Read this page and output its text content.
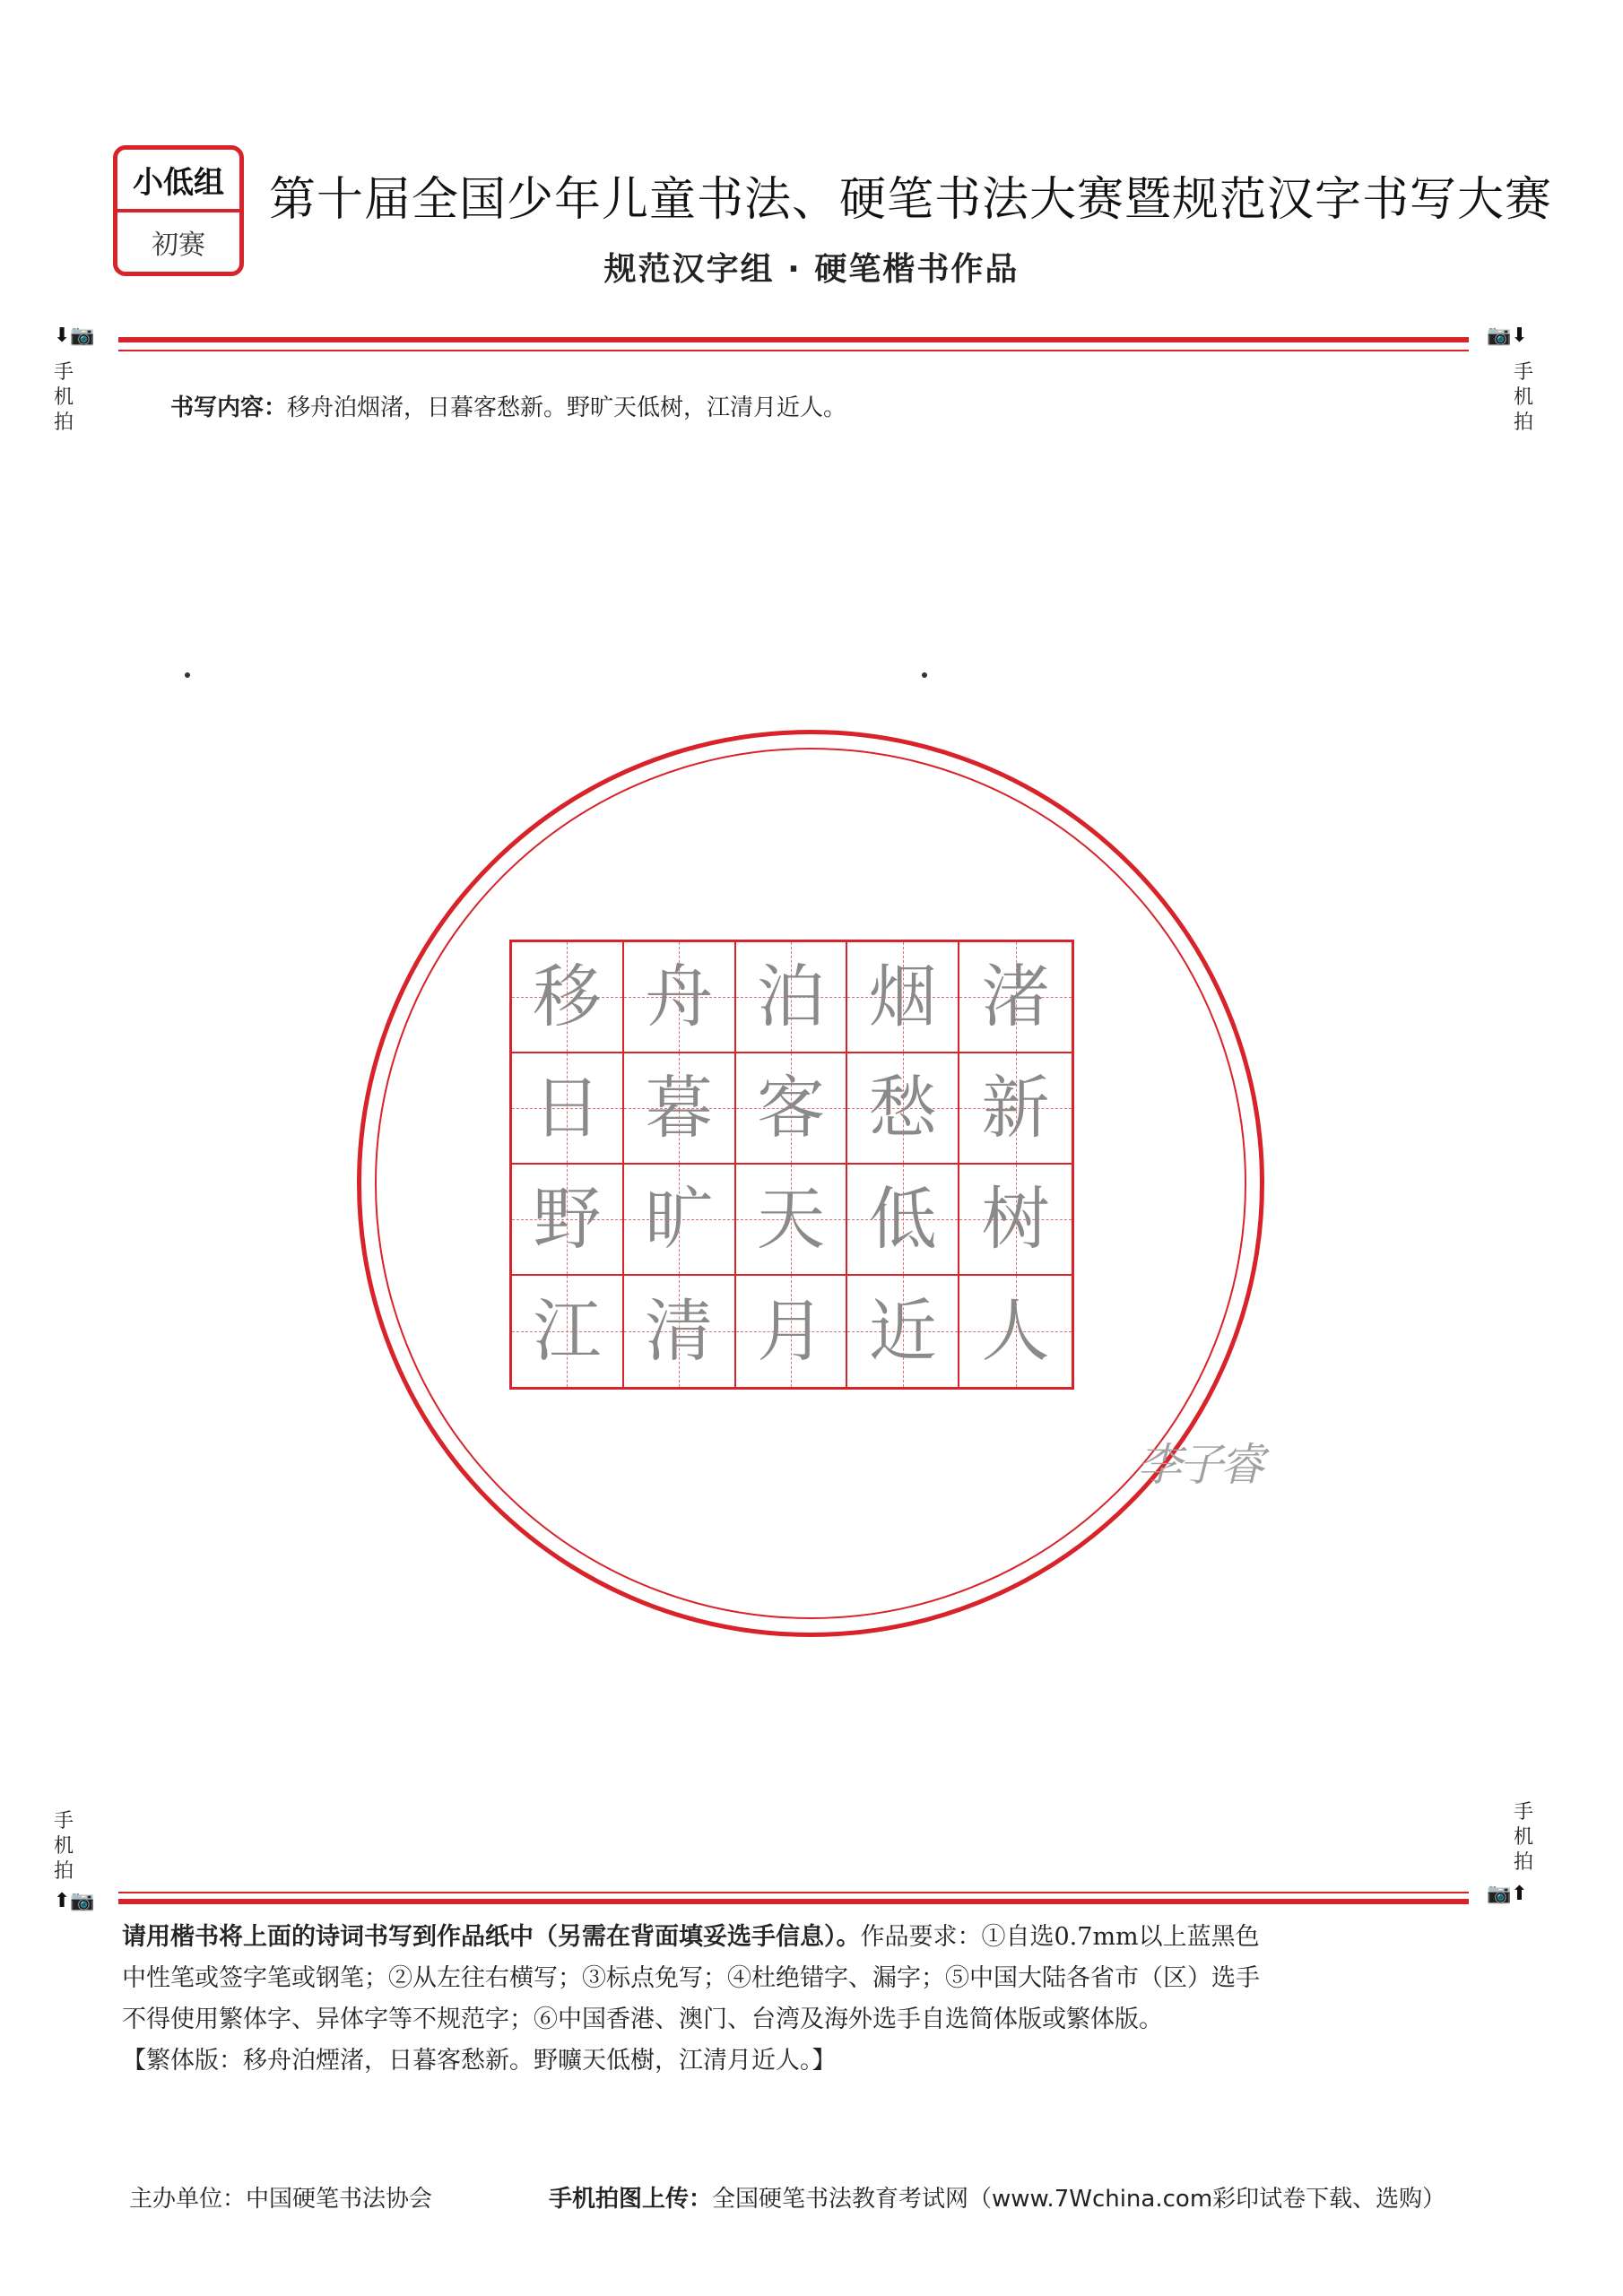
小低组
初赛
第十届全国少年儿童书法、硬笔书法大赛暨规范汉字书写大赛
规范汉字组 · 硬笔楷书作品
⬇📷	📷⬇
手
机
拍
手
机
拍
书写内容：移舟泊烟渚，日暮客愁新。野旷天低树，江清月近人。
移 舟 泊 烟 渚
日 暮 客 愁 新
野 旷 天 低 树
江 清 月 近 人
李子睿
手
机
拍
手
机
拍
⬆📷	📷⬆

请用楷书将上面的诗词书写到作品纸中（另需在背面填妥选手信息）。作品要求：①自选0.7mm以上蓝黑色

中性笔或签字笔或钢笔；②从左往右横写；③标点免写；④杜绝错字、漏字；⑤中国大陆各省市（区）选手

不得使用繁体字、异体字等不规范字；⑥中国香港、澳门、台湾及海外选手自选简体版或繁体版。

【繁体版：移舟泊煙渚，日暮客愁新。野曠天低樹，江清月近人。】

主办单位：中国硬笔书法协会	手机拍图上传：全国硬笔书法教育考试网（www.7Wchina.com彩印试卷下载、选购）
